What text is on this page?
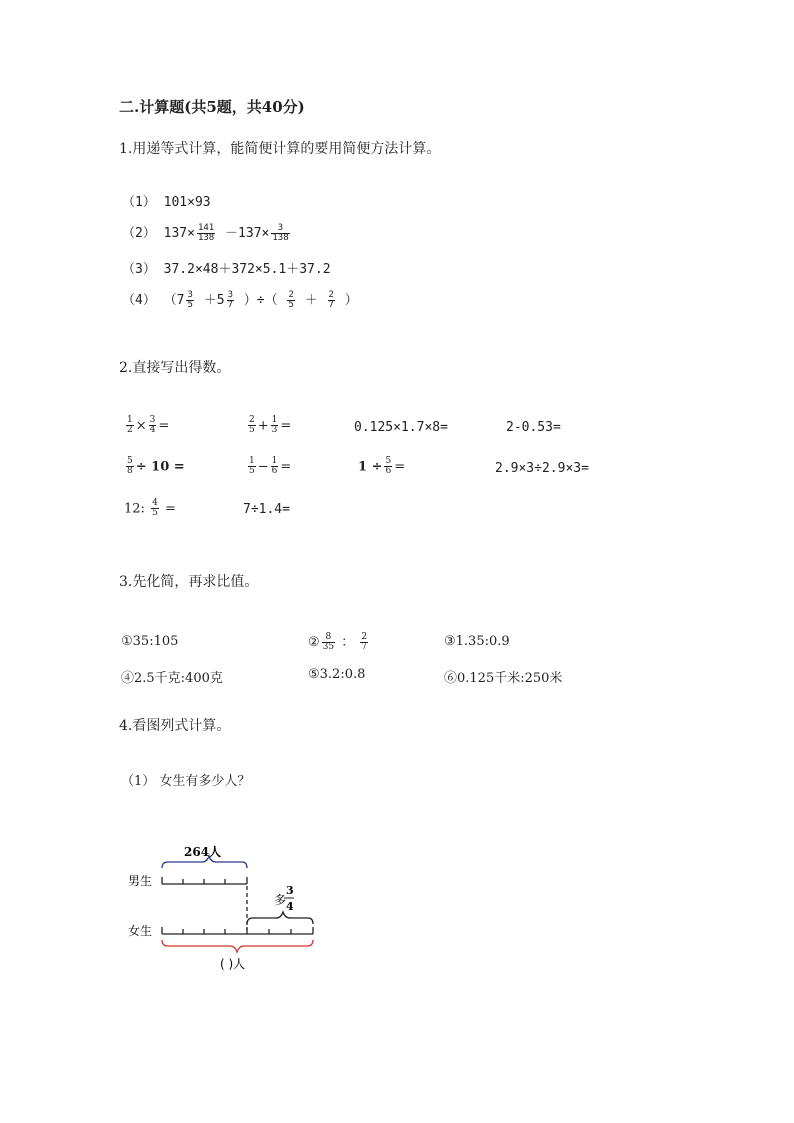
二.计算题(共5题，共40分)
1.用递等式计算，能简便计算的要用简便方法计算。
（1） 101×93
（2） $137\times \frac{141}{138} -137\times \frac{3}{138}$
（3） 37.2×48＋372×5.1＋37.2
（4） （$7 \frac{3}{5} +5 \frac{3}{7}$ ）÷（ $\frac{2}{5} + \frac{2}{7}$ ）
2.直接写出得数。
$\frac{1}{2} \times \frac{3}{4}$ =	$\frac{2}{5} + \frac{1}{3}$ =	0.125×1.7×8=	2-0.53=
$\frac{5}{8} \div 10$ =	$\frac{1}{5} - \frac{1}{6}$ =	$1 \div \frac{5}{6}$ =	2.9×3÷2.9×3=
12: $\frac{4}{5}$ =	7÷1.4=
3.先化简，再求比值。
①35:105	② $\frac{8}{35}$ ： $\frac{2}{7}$	③1.35:0.9
④2.5千克:400克	⑤3.2:0.8	⑥0.125千米:250米
4.看图列式计算。
（1） 女生有多少人？
264人
男生
多
3
4
女生
( )人
